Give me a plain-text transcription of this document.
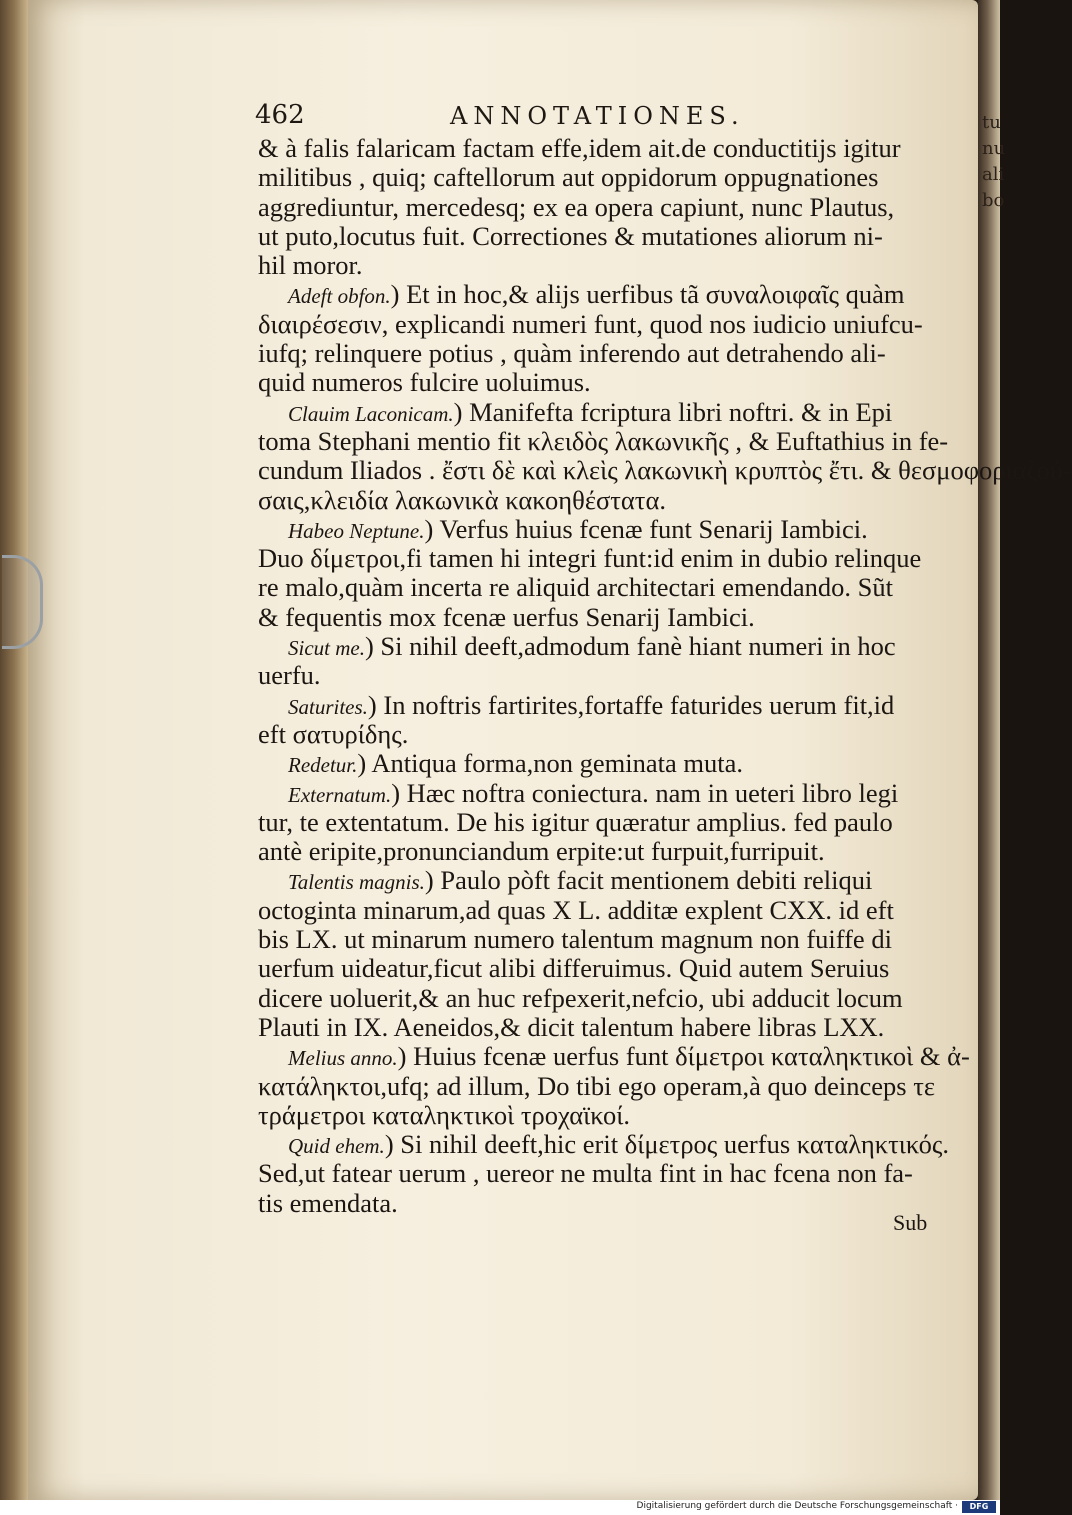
tu
nu
ali
bo
462	ANNOTATIONES.
& à falis falaricam factam effe,idem ait.de conductitijs igitur
militibus , quiq; caftellorum aut oppidorum oppugnationes
aggrediuntur, mercedesq; ex ea opera capiunt, nunc Plautus,
ut puto,locutus fuit. Correctiones & mutationes aliorum ni-
hil moror.
Adeft obfon.) Et in hoc,& alijs uerfibus tã συναλοιφαῖς quàm
διαιρέσεσιν, explicandi numeri funt, quod nos iudicio uniufcu-
iufq; relinquere potius , quàm inferendo aut detrahendo ali-
quid numeros fulcire uoluimus.
Clauim Laconicam.) Manifefta fcriptura libri noftri. & in Epi
toma Stephani mentio fit κλειδὸς λακωνικῆς , & Euftathius in fe-
cundum Iliados . ἔστι δὲ καὶ κλεὶς λακωνικὴ κρυπτὸς ἔτι. & θεσμοφοριαζού-
σαις,κλειδία λακωνικὰ κακοηθέστατα.
Habeo Neptune.) Verfus huius fcenæ funt Senarij Iambici.
Duo δίμετροι,fi tamen hi integri funt:id enim in dubio relinque
re malo,quàm incerta re aliquid architectari emendando. Sũt
& fequentis mox fcenæ uerfus Senarij Iambici.
Sicut me.) Si nihil deeft,admodum fanè hiant numeri in hoc
uerfu.
Saturites.) In noftris fartirites,fortaffe faturides uerum fit,id
eft σατυρίδης.
Redetur.) Antiqua forma,non geminata muta.
Externatum.) Hæc noftra coniectura. nam in ueteri libro legi
tur, te extentatum. De his igitur quæratur amplius. fed paulo
antè eripite,pronunciandum erpite:ut furpuit,furripuit.
Talentis magnis.) Paulo pòft facit mentionem debiti reliqui
octoginta minarum,ad quas X L. additæ explent CXX. id eft
bis LX. ut minarum numero talentum magnum non fuiffe di
uerfum uideatur,ficut alibi differuimus. Quid autem Seruius
dicere uoluerit,& an huc refpexerit,nefcio, ubi adducit locum
Plauti in IX. Aeneidos,& dicit talentum habere libras LXX.
Melius anno.) Huius fcenæ uerfus funt δίμετροι καταληκτικοὶ & ἀ-
κατάληκτοι,ufq; ad illum, Do tibi ego operam,à quo deinceps τε
τράμετροι καταληκτικοὶ τροχαϊκοί.
Quid ehem.) Si nihil deeft,hic erit δίμετρος uerfus καταληκτικός.
Sed,ut fatear uerum , uereor ne multa fint in hac fcena non fa-
tis emendata.
Sub
Digitalisierung gefördert durch die Deutsche Forschungsgemeinschaft ·	DFG
